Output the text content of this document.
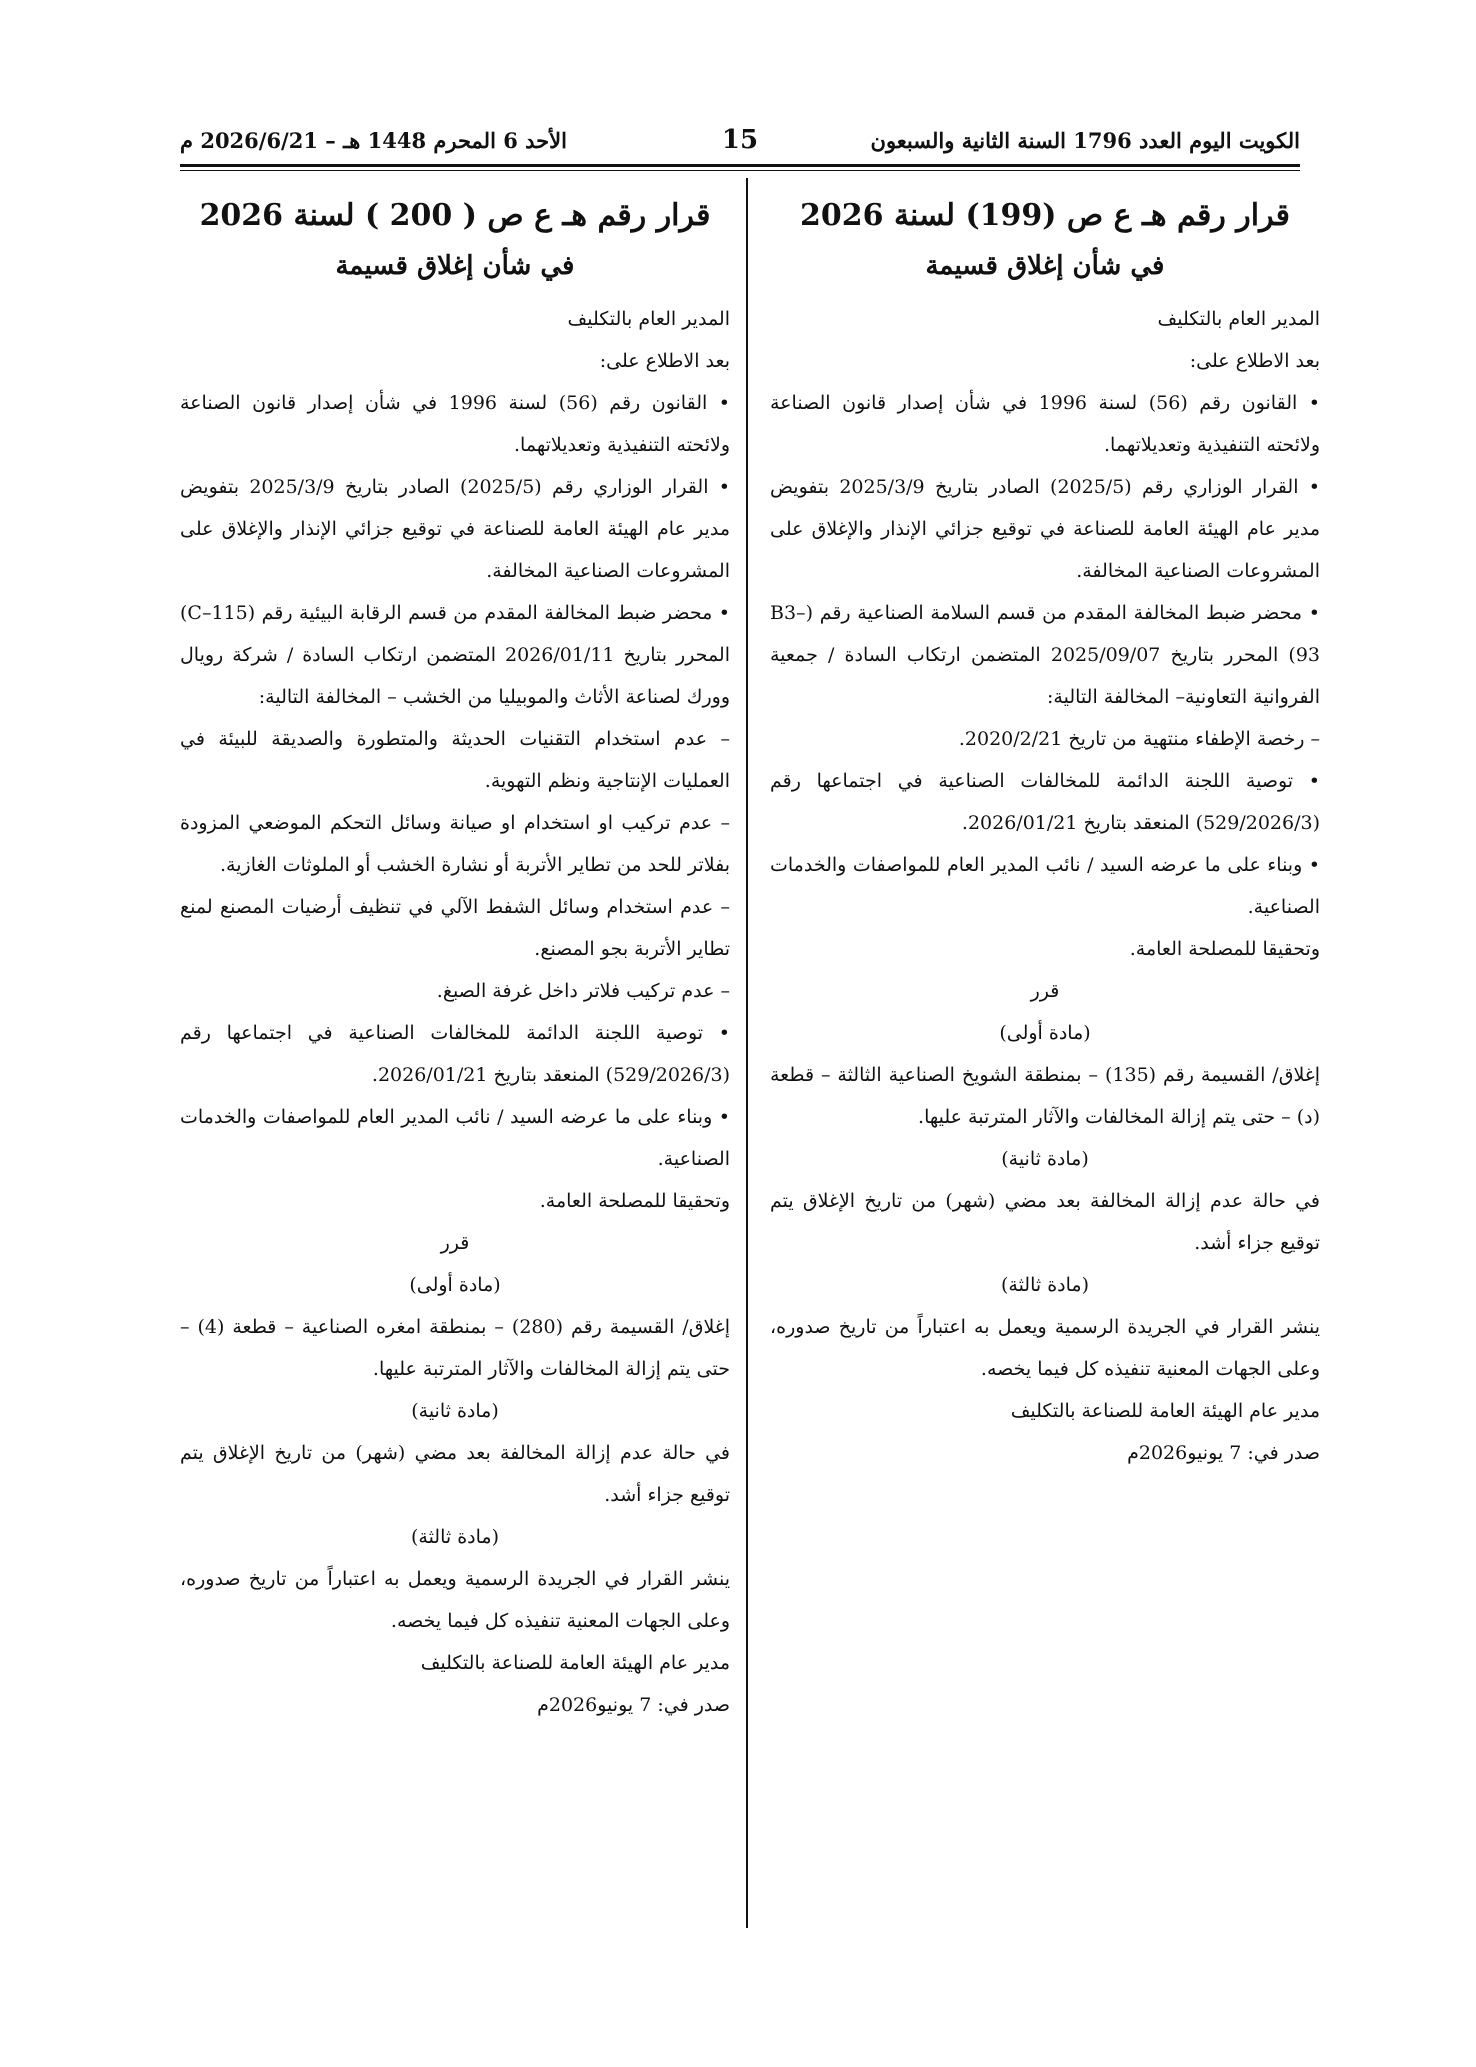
الكويت اليوم العدد 1796 السنة الثانية والسبعون
15
الأحد 6 المحرم 1448 هـ – 2026/6/21 م
قرار رقم هـ ع ص (199) لسنة 2026
في شأن إغلاق قسيمة

المدير العام بالتكليف

بعد الاطلاع على:

• القانون رقم (56) لسنة 1996 في شأن إصدار قانون الصناعة ولائحته التنفيذية وتعديلاتهما.

• القرار الوزاري رقم (2025/5) الصادر بتاريخ 2025/3/9 بتفويض مدير عام الهيئة العامة للصناعة في توقيع جزائي الإنذار والإغلاق على المشروعات الصناعية المخالفة.

• محضر ضبط المخالفة المقدم من قسم السلامة الصناعية رقم (B3–93) المحرر بتاريخ 2025/09/07 المتضمن ارتكاب السادة / جمعية الفروانية التعاونية– المخالفة التالية:

– رخصة الإطفاء منتهية من تاريخ 2020/2/21.

• توصية اللجنة الدائمة للمخالفات الصناعية في اجتماعها رقم (529/2026/3) المنعقد بتاريخ 2026/01/21.

• وبناء على ما عرضه السيد / نائب المدير العام للمواصفات والخدمات الصناعية.

وتحقيقا للمصلحة العامة.

قرر

(مادة أولى)

إغلاق/ القسيمة رقم (135) – بمنطقة الشويخ الصناعية الثالثة – قطعة (د) – حتى يتم إزالة المخالفات والآثار المترتبة عليها.

(مادة ثانية)

في حالة عدم إزالة المخالفة بعد مضي (شهر) من تاريخ الإغلاق يتم توقيع جزاء أشد.

(مادة ثالثة)

ينشر القرار في الجريدة الرسمية ويعمل به اعتباراً من تاريخ صدوره، وعلى الجهات المعنية تنفيذه كل فيما يخصه.

مدير عام الهيئة العامة للصناعة بالتكليف

صدر في: 7 يونيو2026م

قرار رقم هـ ع ص ( 200 ) لسنة 2026
في شأن إغلاق قسيمة

المدير العام بالتكليف

بعد الاطلاع على:

• القانون رقم (56) لسنة 1996 في شأن إصدار قانون الصناعة ولائحته التنفيذية وتعديلاتهما.

• القرار الوزاري رقم (2025/5) الصادر بتاريخ 2025/3/9 بتفويض مدير عام الهيئة العامة للصناعة في توقيع جزائي الإنذار والإغلاق على المشروعات الصناعية المخالفة.

• محضر ضبط المخالفة المقدم من قسم الرقابة البيئية رقم (C–115) المحرر بتاريخ 2026/01/11 المتضمن ارتكاب السادة / شركة رويال وورك لصناعة الأثاث والموبيليا من الخشب – المخالفة التالية:

– عدم استخدام التقنيات الحديثة والمتطورة والصديقة للبيئة في العمليات الإنتاجية ونظم التهوية.

– عدم تركيب او استخدام او صيانة وسائل التحكم الموضعي المزودة بفلاتر للحد من تطاير الأتربة أو نشارة الخشب أو الملوثات الغازية.

– عدم استخدام وسائل الشفط الآلي في تنظيف أرضيات المصنع لمنع تطاير الأتربة بجو المصنع.

– عدم تركيب فلاتر داخل غرفة الصبغ.

• توصية اللجنة الدائمة للمخالفات الصناعية في اجتماعها رقم (529/2026/3) المنعقد بتاريخ 2026/01/21.

• وبناء على ما عرضه السيد / نائب المدير العام للمواصفات والخدمات الصناعية.

وتحقيقا للمصلحة العامة.

قرر

(مادة أولى)

إغلاق/ القسيمة رقم (280) – بمنطقة امغره الصناعية – قطعة (4) – حتى يتم إزالة المخالفات والآثار المترتبة عليها.

(مادة ثانية)

في حالة عدم إزالة المخالفة بعد مضي (شهر) من تاريخ الإغلاق يتم توقيع جزاء أشد.

(مادة ثالثة)

ينشر القرار في الجريدة الرسمية ويعمل به اعتباراً من تاريخ صدوره، وعلى الجهات المعنية تنفيذه كل فيما يخصه.

مدير عام الهيئة العامة للصناعة بالتكليف

صدر في: 7 يونيو2026م
